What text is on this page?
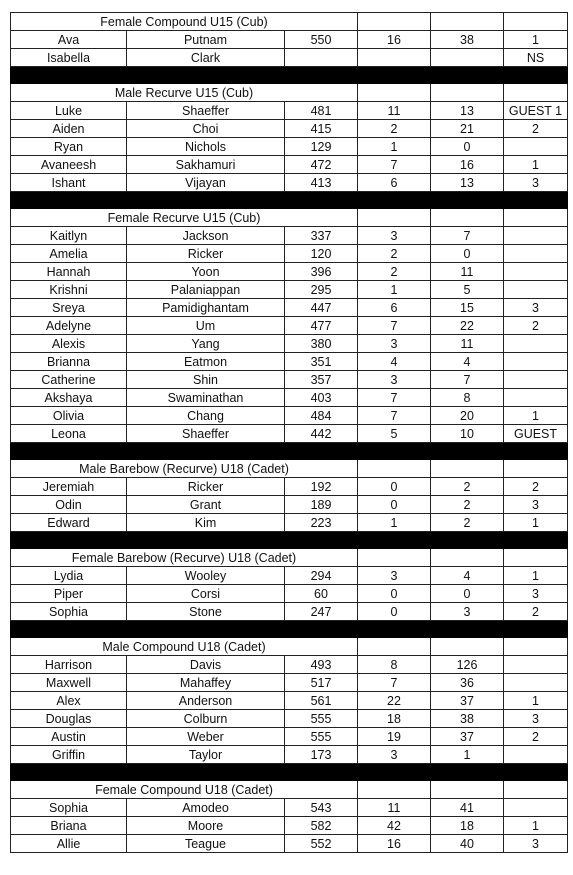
Female Compound U15 (Cub)					
Ava	Putnam	550	16	38	1
Isabella	Clark				NS

Male Recurve U15 (Cub)					
Luke	Shaeffer	481	11	13	GUEST 1
Aiden	Choi	415	2	21	2
Ryan	Nichols	129	1	0	
Avaneesh	Sakhamuri	472	7	16	1
Ishant	Vijayan	413	6	13	3

Female Recurve U15 (Cub)					
Kaitlyn	Jackson	337	3	7	
Amelia	Ricker	120	2	0	
Hannah	Yoon	396	2	11	
Krishni	Palaniappan	295	1	5	
Sreya	Pamidighantam	447	6	15	3
Adelyne	Um	477	7	22	2
Alexis	Yang	380	3	11	
Brianna	Eatmon	351	4	4	
Catherine	Shin	357	3	7	
Akshaya	Swaminathan	403	7	8	
Olivia	Chang	484	7	20	1
Leona	Shaeffer	442	5	10	GUEST

Male Barebow (Recurve) U18 (Cadet)					
Jeremiah	Ricker	192	0	2	2
Odin	Grant	189	0	2	3
Edward	Kim	223	1	2	1

Female Barebow (Recurve) U18 (Cadet)					
Lydia	Wooley	294	3	4	1
Piper	Corsi	60	0	0	3
Sophia	Stone	247	0	3	2

Male Compound U18 (Cadet)					
Harrison	Davis	493	8	126	
Maxwell	Mahaffey	517	7	36	
Alex	Anderson	561	22	37	1
Douglas	Colburn	555	18	38	3
Austin	Weber	555	19	37	2
Griffin	Taylor	173	3	1	

Female Compound U18 (Cadet)					
Sophia	Amodeo	543	11	41	
Briana	Moore	582	42	18	1
Allie	Teague	552	16	40	3
